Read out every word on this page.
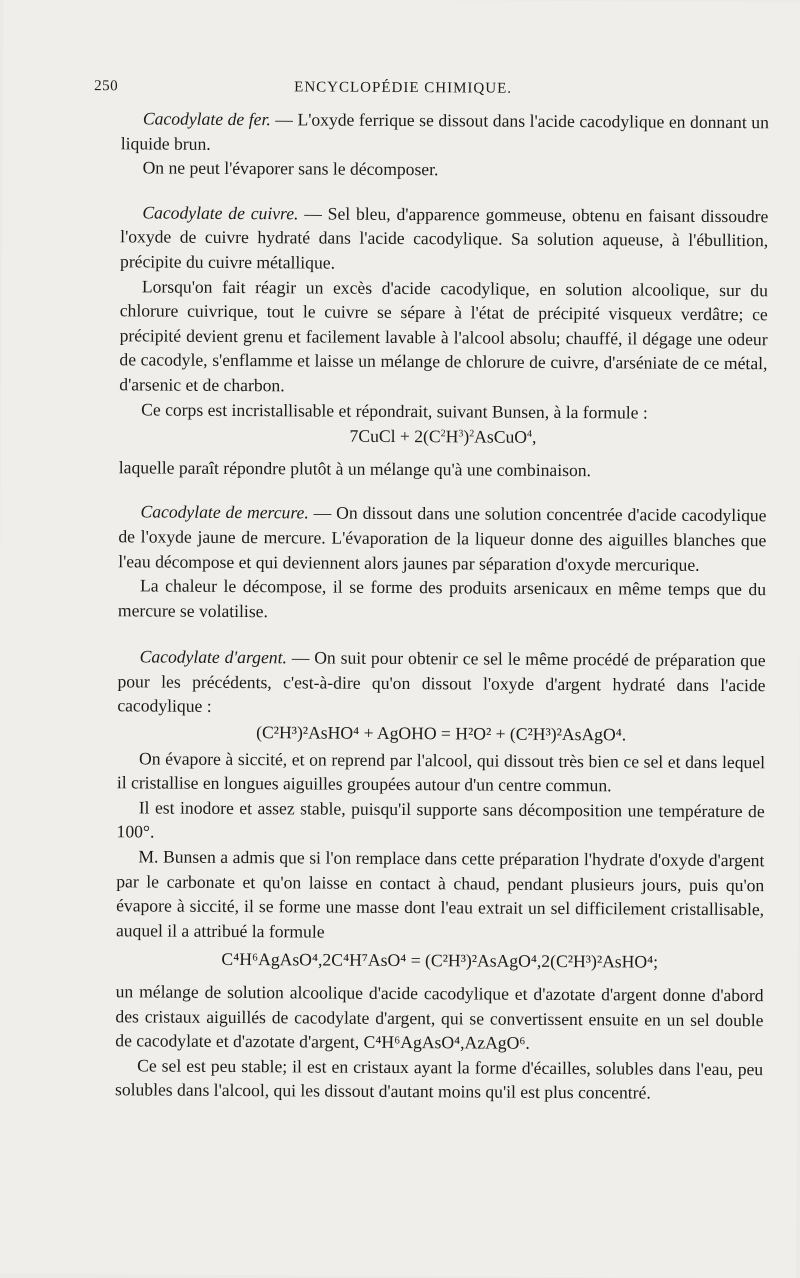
250	ENCYCLOPÉDIE CHIMIQUE.

Cacodylate de fer. — L'oxyde ferrique se dissout dans l'acide cacodylique en donnant un liquide brun.

On ne peut l'évaporer sans le décomposer.

Cacodylate de cuivre. — Sel bleu, d'apparence gommeuse, obtenu en faisant dissoudre l'oxyde de cuivre hydraté dans l'acide cacodylique. Sa solution aqueuse, à l'ébullition, précipite du cuivre métallique.

Lorsqu'on fait réagir un excès d'acide cacodylique, en solution alcoolique, sur du chlorure cuivrique, tout le cuivre se sépare à l'état de précipité visqueux verdâtre; ce précipité devient grenu et facilement lavable à l'alcool absolu; chauffé, il dégage une odeur de cacodyle, s'enflamme et laisse un mélange de chlorure de cuivre, d'arséniate de ce métal, d'arsenic et de charbon.

Ce corps est incristallisable et répondrait, suivant Bunsen, à la formule :

7CuCl + $2(C^2H^3)^2AsCuO^4$,

laquelle paraît répondre plutôt à un mélange qu'à une combinaison.

Cacodylate de mercure. — On dissout dans une solution concentrée d'acide cacodylique de l'oxyde jaune de mercure. L'évaporation de la liqueur donne des aiguilles blanches que l'eau décompose et qui deviennent alors jaunes par séparation d'oxyde mercurique.

La chaleur le décompose, il se forme des produits arsenicaux en même temps que du mercure se volatilise.

Cacodylate d'argent. — On suit pour obtenir ce sel le même procédé de préparation que pour les précédents, c'est-à-dire qu'on dissout l'oxyde d'argent hydraté dans l'acide cacodylique :

(C²H³)²AsHO⁴ + AgOHO = H²O² + (C²H³)²AsAgO⁴.

On évapore à siccité, et on reprend par l'alcool, qui dissout très bien ce sel et dans lequel il cristallise en longues aiguilles groupées autour d'un centre commun.

Il est inodore et assez stable, puisqu'il supporte sans décomposition une température de 100°.

M. Bunsen a admis que si l'on remplace dans cette préparation l'hydrate d'oxyde d'argent par le carbonate et qu'on laisse en contact à chaud, pendant plusieurs jours, puis qu'on évapore à siccité, il se forme une masse dont l'eau extrait un sel difficilement cristallisable, auquel il a attribué la formule

C⁴H⁶AgAsO⁴,2C⁴H⁷AsO⁴ = (C²H³)²AsAgO⁴,2(C²H³)²AsHO⁴;

un mélange de solution alcoolique d'acide cacodylique et d'azotate d'argent donne d'abord des cristaux aiguillés de cacodylate d'argent, qui se convertissent ensuite en un sel double de cacodylate et d'azotate d'argent, C⁴H⁶AgAsO⁴,AzAgO⁶.

Ce sel est peu stable; il est en cristaux ayant la forme d'écailles, solubles dans l'eau, peu solubles dans l'alcool, qui les dissout d'autant moins qu'il est plus concentré.
